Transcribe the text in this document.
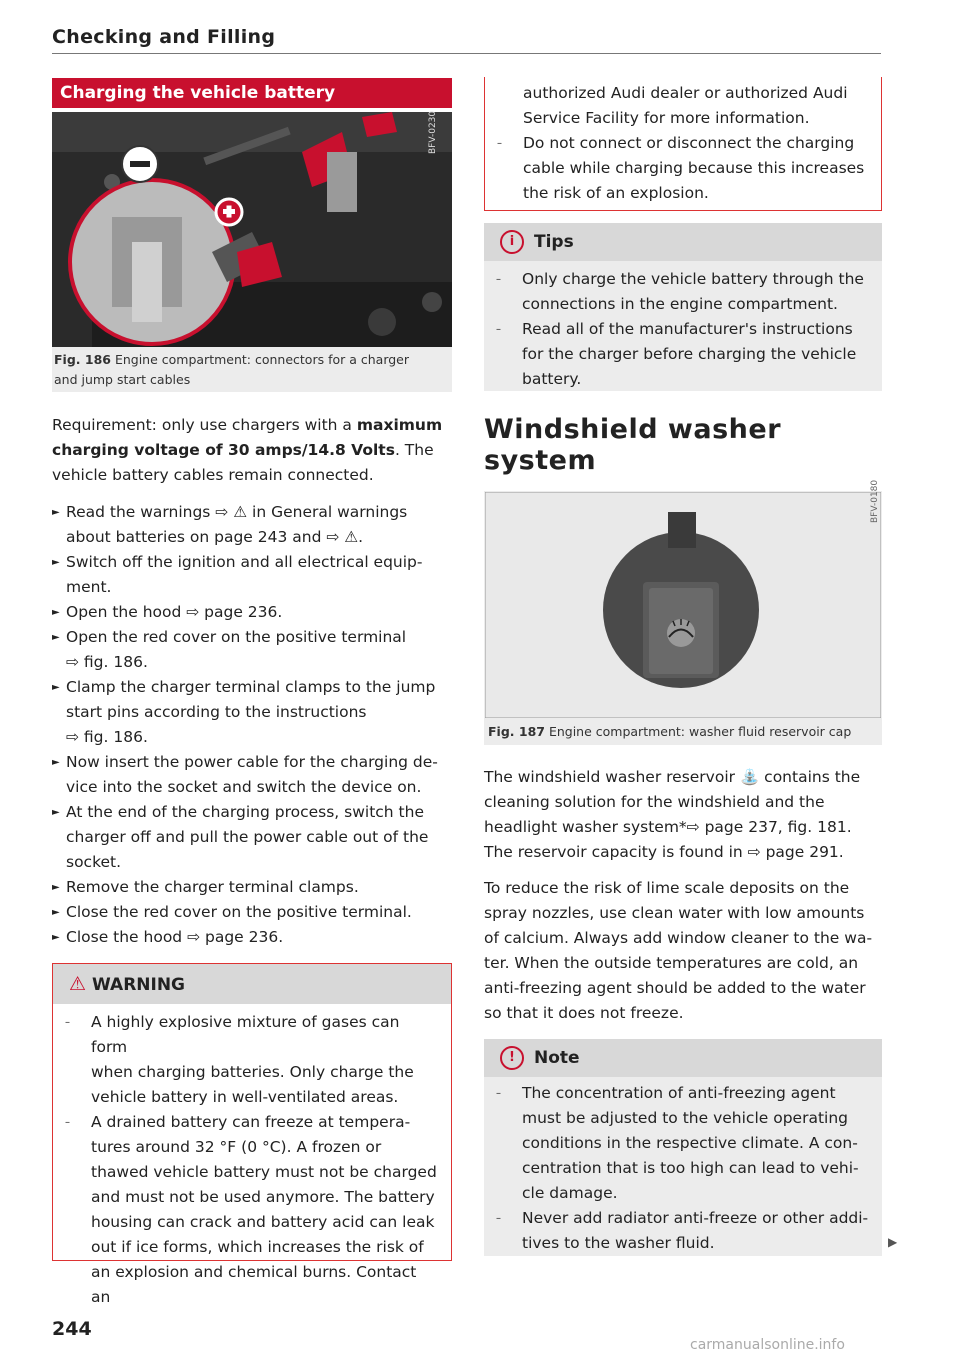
Checking and Filling
Charging the vehicle battery
BFV-0230
Fig. 186 Engine compartment: connectors for a charger
and jump start cables
Requirement: only use chargers with a maximum
charging voltage of 30 amps/14.8 Volts. The
vehicle battery cables remain connected.
► Read the warnings ⇨ ⚠ in General warnings
about batteries on page 243 and ⇨ ⚠.
► Switch off the ignition and all electrical equip-
ment.
► Open the hood ⇨ page 236.
► Open the red cover on the positive terminal
⇨ fig. 186.
► Clamp the charger terminal clamps to the jump
start pins according to the instructions
⇨ fig. 186.
► Now insert the power cable for the charging de-
vice into the socket and switch the device on.
► At the end of the charging process, switch the
charger off and pull the power cable out of the
socket.
► Remove the charger terminal clamps.
► Close the red cover on the positive terminal.
► Close the hood ⇨ page 236.
⚠ WARNING
– A highly explosive mixture of gases can form
when charging batteries. Only charge the
vehicle battery in well-ventilated areas.
– A drained battery can freeze at tempera-
tures around 32 °F (0 °C). A frozen or
thawed vehicle battery must not be charged
and must not be used anymore. The battery
housing can crack and battery acid can leak
out if ice forms, which increases the risk of
an explosion and chemical burns. Contact an
244
authorized Audi dealer or authorized Audi
Service Facility for more information.
– Do not connect or disconnect the charging
cable while charging because this increases
the risk of an explosion.
i	Tips
– Only charge the vehicle battery through the
connections in the engine compartment.
– Read all of the manufacturer's instructions
for the charger before charging the vehicle
battery.
Windshield washer
system
BFV-0180
Fig. 187 Engine compartment: washer fluid reservoir cap
The windshield washer reservoir ⛲ contains the
cleaning solution for the windshield and the
headlight washer system*⇨ page 237, fig. 181.
The reservoir capacity is found in ⇨ page 291.
To reduce the risk of lime scale deposits on the
spray nozzles, use clean water with low amounts
of calcium. Always add window cleaner to the wa-
ter. When the outside temperatures are cold, an
anti-freezing agent should be added to the water
so that it does not freeze.
!	Note
– The concentration of anti-freezing agent
must be adjusted to the vehicle operating
conditions in the respective climate. A con-
centration that is too high can lead to vehi-
cle damage.
– Never add radiator anti-freeze or other addi-
tives to the washer fluid.	▶
carmanualsonline.info
